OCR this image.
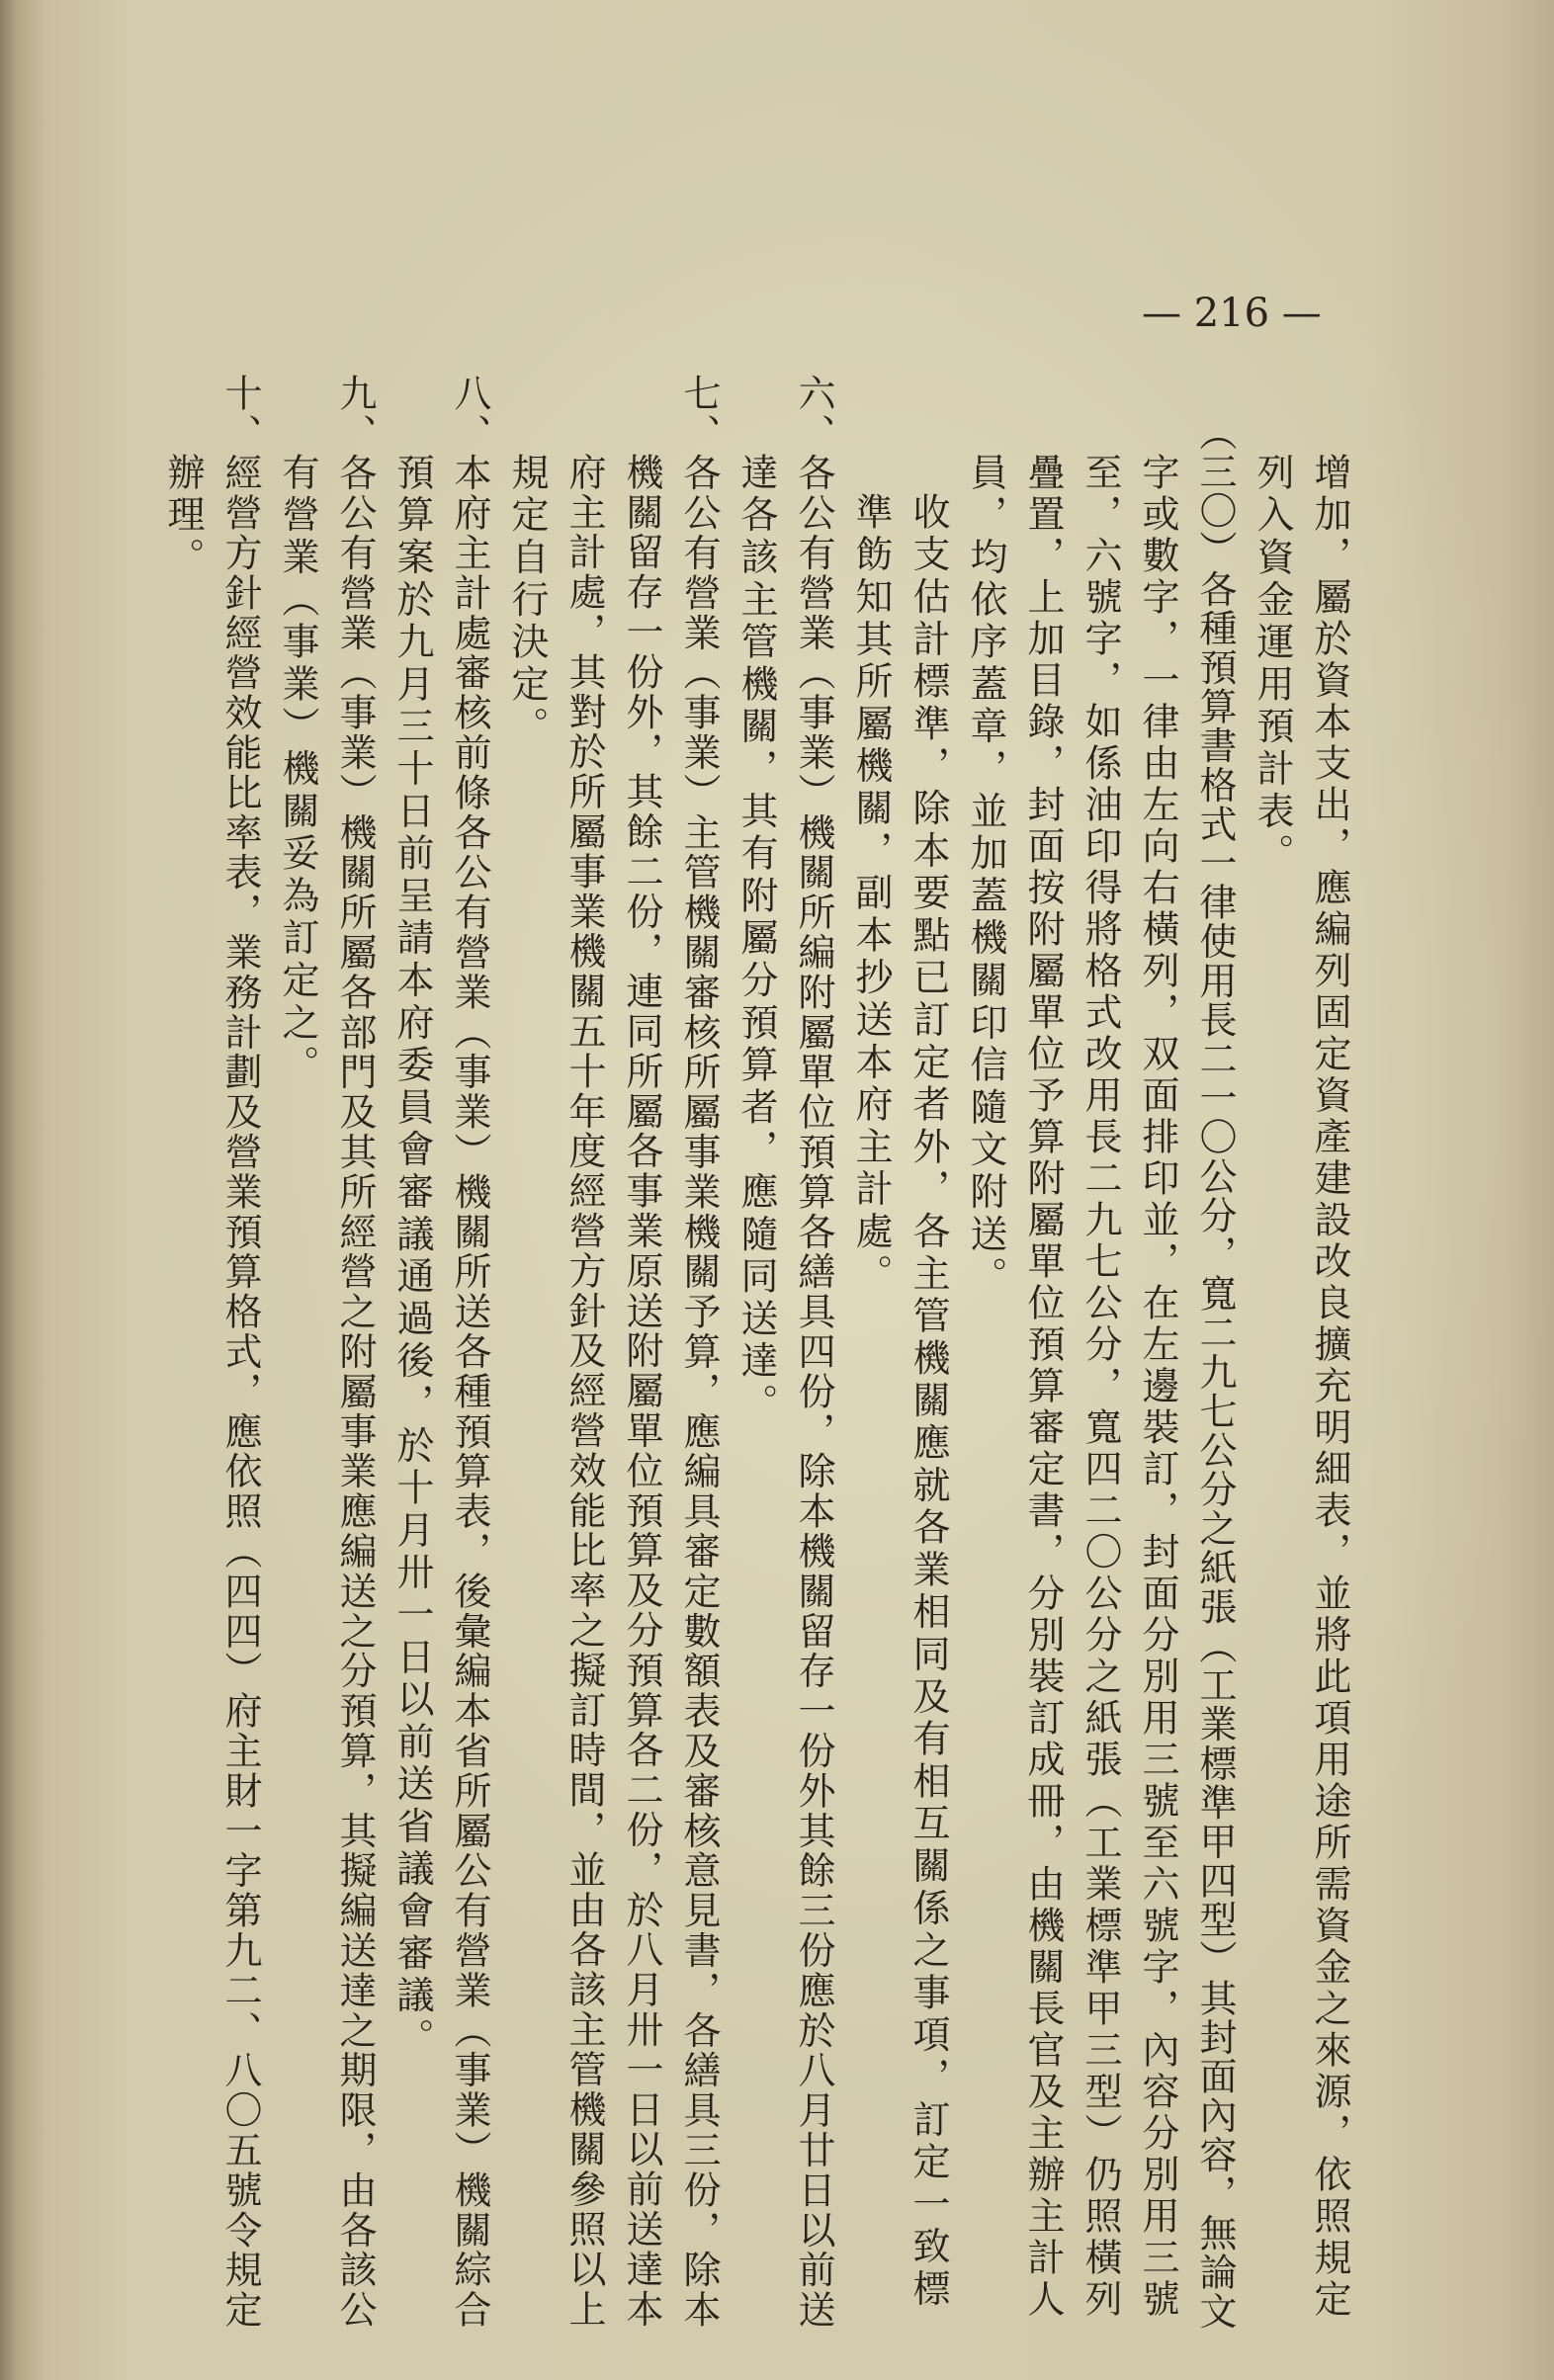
— 216 —
增加，屬於資本支出，應編列固定資產建設改良擴充明細表，並將此項用途所需資金之來源，依照規定
列入資金運用預計表。
（三〇）各種預算書格式一律使用長二一〇公分，寬二九七公分之紙張（工業標準甲四型）其封面內容，無論文
字或數字，一律由左向右橫列，双面排印並，在左邊裝訂，封面分別用三號至六號字，內容分別用三號
至，六號字，如係油印得將格式改用長二九七公分，寬四二〇公分之紙張（工業標準甲三型）仍照橫列
疊置，上加目錄，封面按附屬單位予算附屬單位預算審定書，分別裝訂成冊，由機關長官及主辦主計人
員，均依序蓋章，並加蓋機關印信隨文附送。
收支估計標準，除本要點已訂定者外，各主管機關應就各業相同及有相互關係之事項，訂定一致標
準飭知其所屬機關，副本抄送本府主計處。
六、各公有營業（事業）機關所編附屬單位預算各繕具四份，除本機關留存一份外其餘三份應於八月廿日以前送
達各該主管機關，其有附屬分預算者，應隨同送達。
七、各公有營業（事業）主管機關審核所屬事業機關予算，應編具審定數額表及審核意見書，各繕具三份，除本
機關留存一份外，其餘二份，連同所屬各事業原送附屬單位預算及分預算各二份，於八月卅一日以前送達本
府主計處，其對於所屬事業機關五十年度經營方針及經營效能比率之擬訂時間，並由各該主管機關參照以上
規定自行決定。
八、本府主計處審核前條各公有營業（事業）機關所送各種預算表，後彙編本省所屬公有營業（事業）機關綜合
預算案於九月三十日前呈請本府委員會審議通過後，於十月卅一日以前送省議會審議。
九、各公有營業（事業）機關所屬各部門及其所經營之附屬事業應編送之分預算，其擬編送達之期限，由各該公
有營業（事業）機關妥為訂定之。
十、經營方針經營效能比率表，業務計劃及營業預算格式，應依照（四四）府主財一字第九二、八〇五號令規定
辦理。
